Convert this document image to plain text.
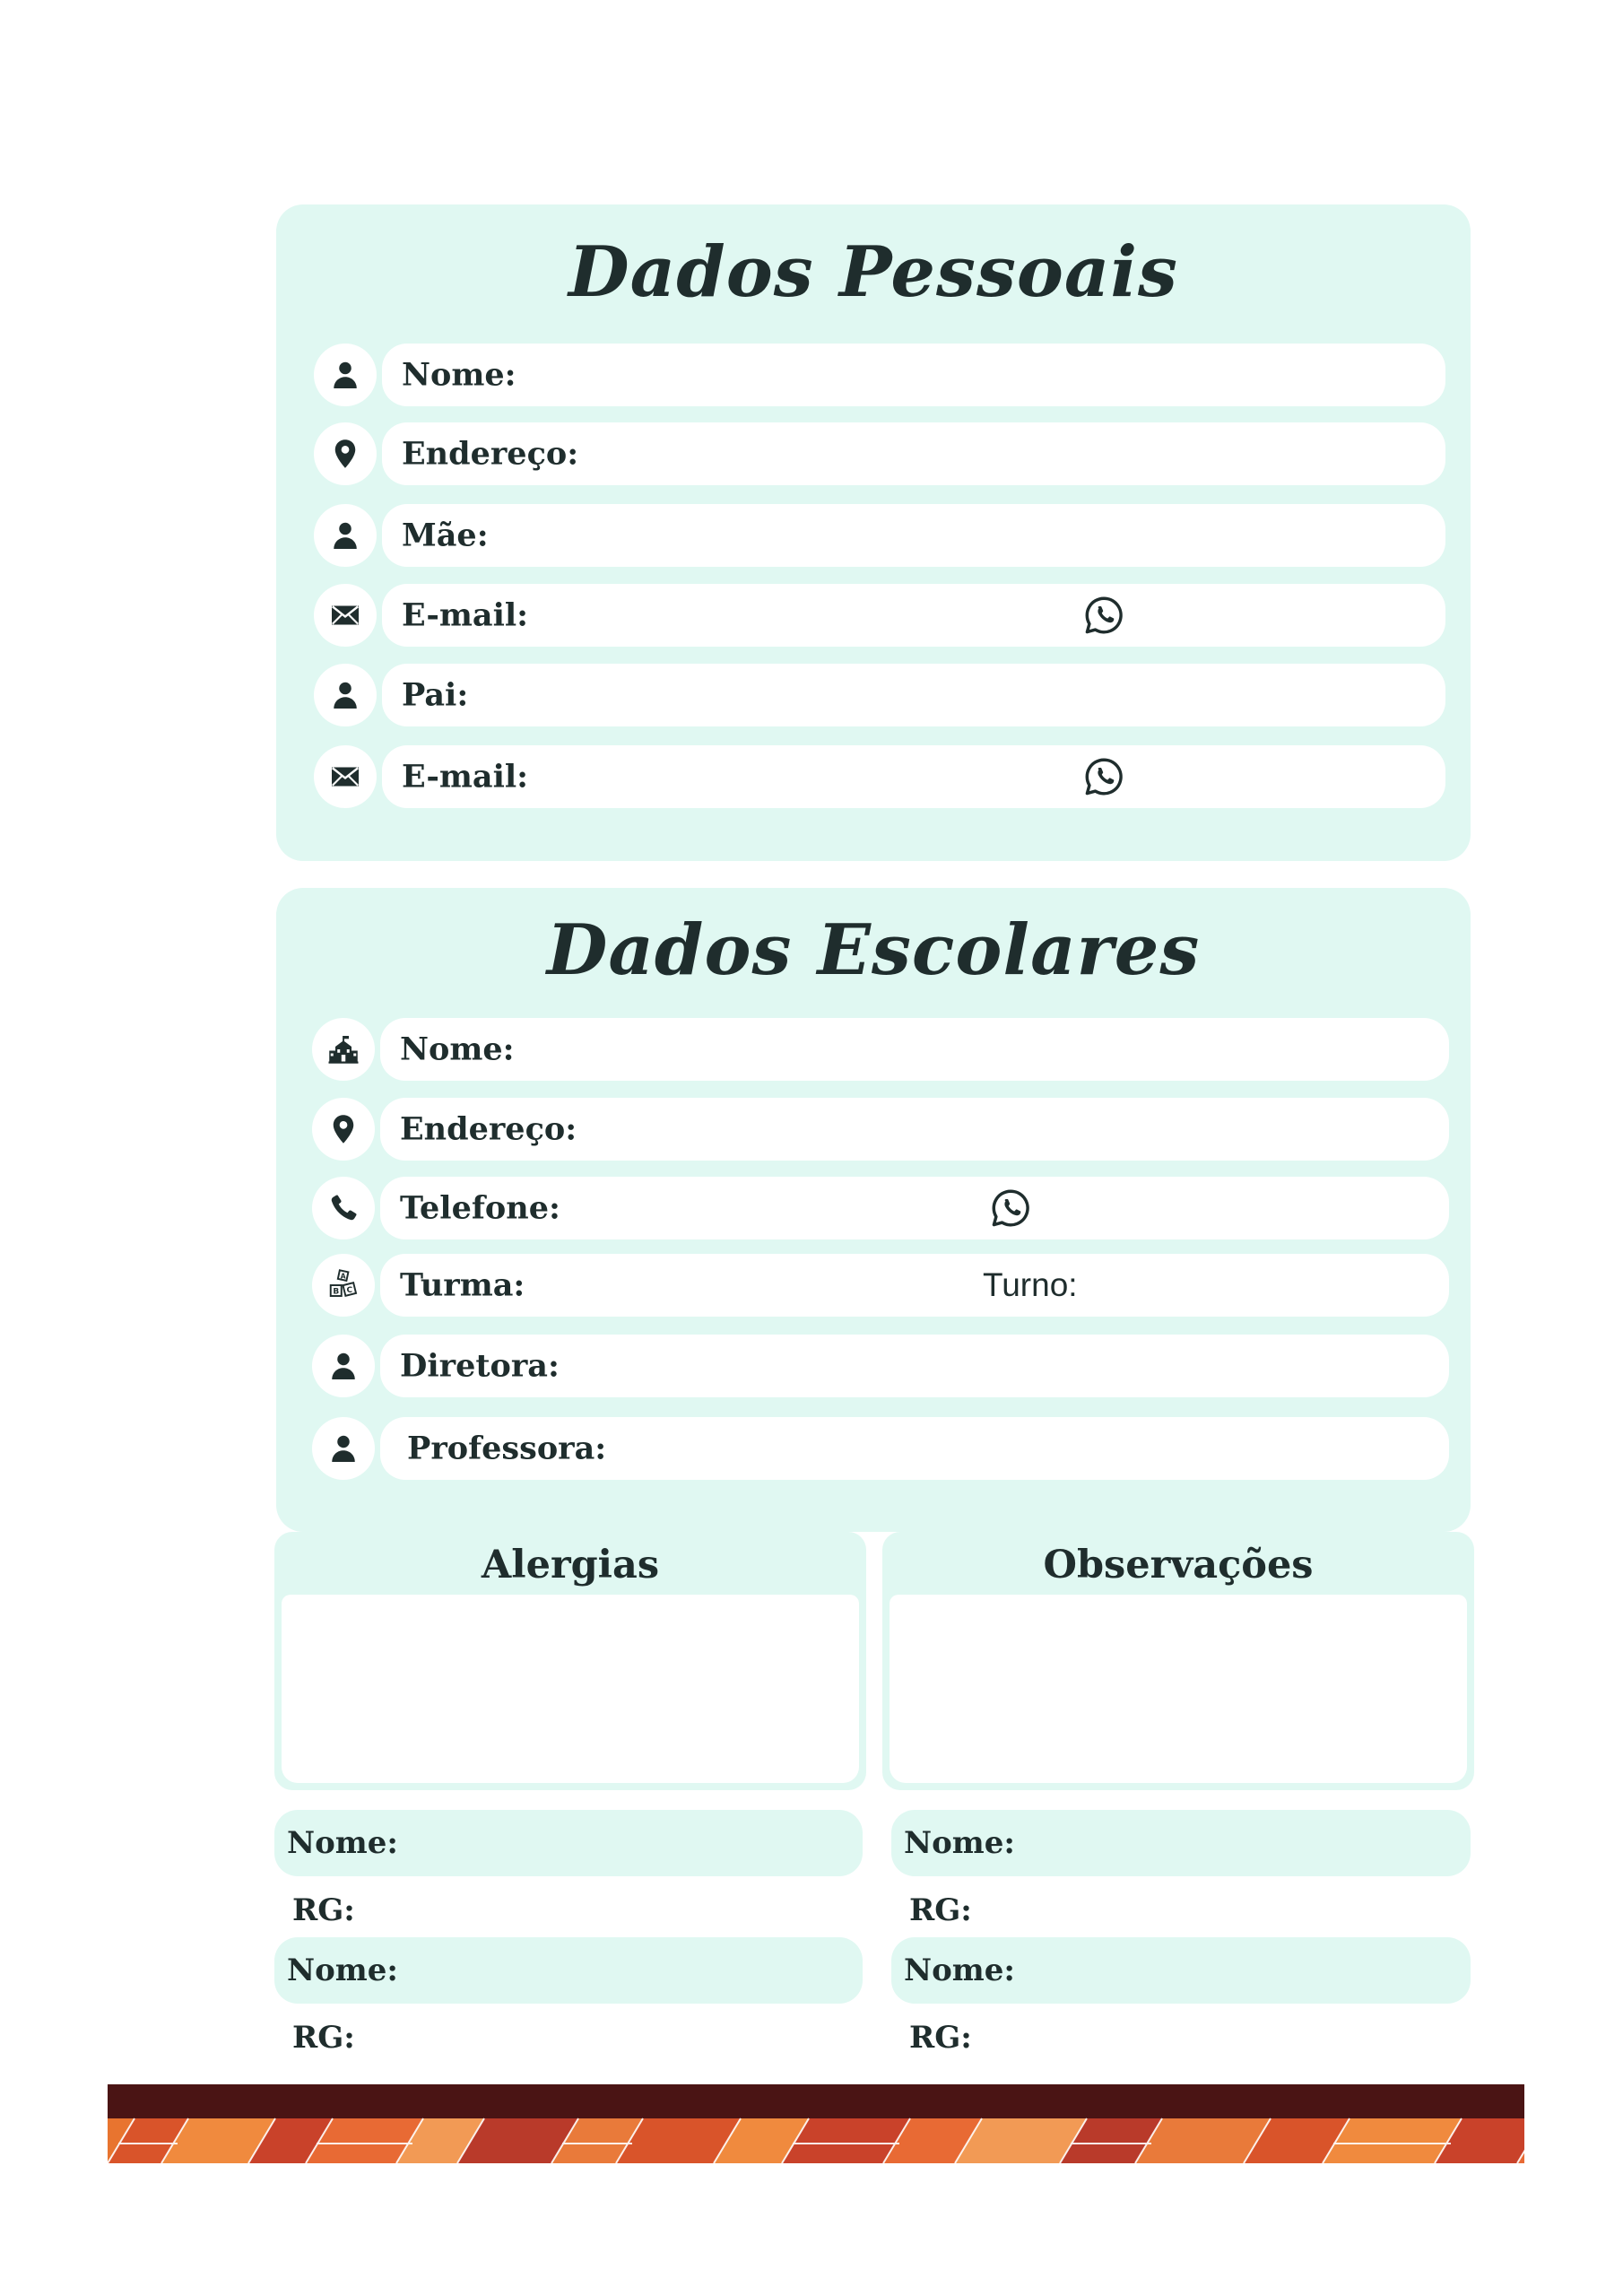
Dados Pessoais
Nome:
Endereço:
Mãe:
E-mail:
Pai:
E-mail:
Dados Escolares
Nome:
Endereço:
Telefone:
A
B C Turma:	Turno:
Diretora:
Professora:
Alergias	Observações
Nome:
RG:
Nome:
RG:
Nome:
RG:
Nome:
RG:
